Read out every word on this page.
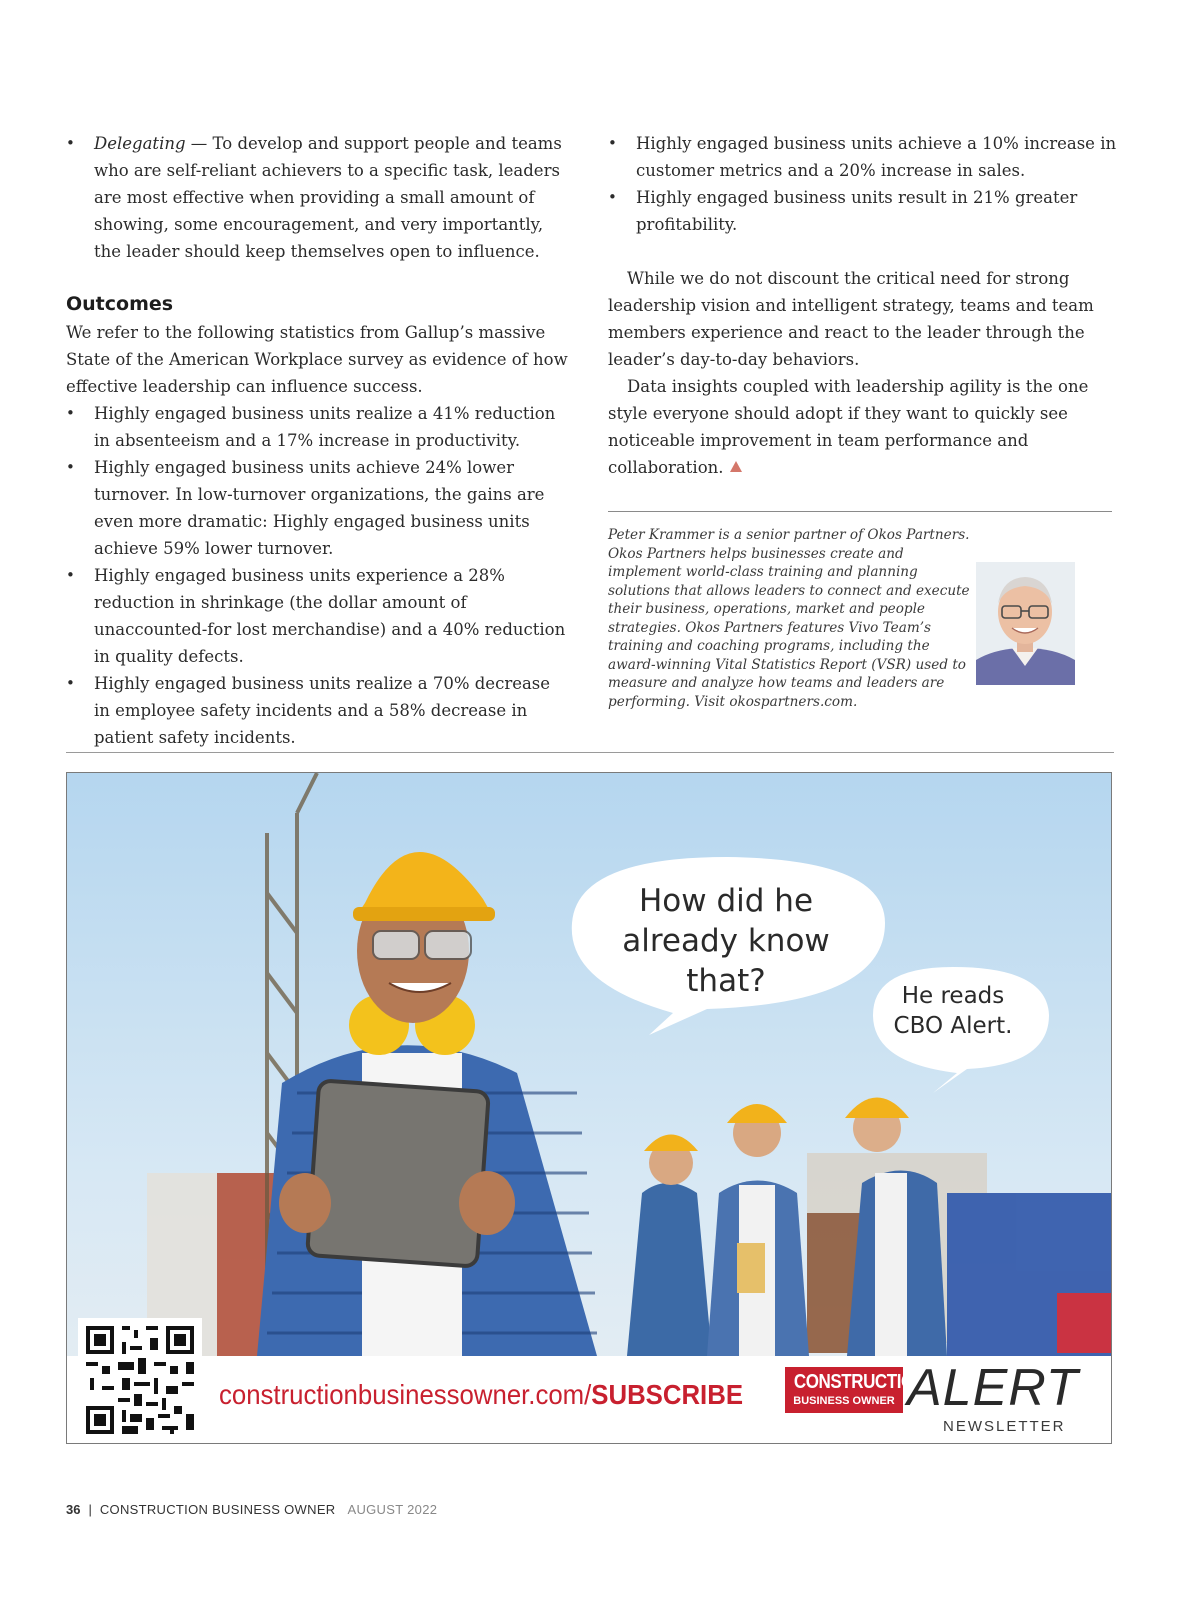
• Delegating — To develop and support people and teams who are self-reliant achievers to a specific task, leaders are most effective when providing a small amount of showing, some encouragement, and very importantly, the leader should keep themselves open to influence.
Outcomes

We refer to the following statistics from Gallup’s massive State of the American Workplace survey as evidence of how effective leadership can influence success.

• Highly engaged business units realize a 41% reduction in absenteeism and a 17% increase in productivity.
• Highly engaged business units achieve 24% lower turnover. In low-turnover organizations, the gains are even more dramatic: Highly engaged business units achieve 59% lower turnover.
• Highly engaged business units experience a 28% reduction in shrinkage (the dollar amount of unaccounted-for lost merchandise) and a 40% reduction in quality defects.
• Highly engaged business units realize a 70% decrease in employee safety incidents and a 58% decrease in patient safety incidents.
• Highly engaged business units achieve a 10% increase in customer metrics and a 20% increase in sales.
• Highly engaged business units result in 21% greater profitability.

While we do not discount the critical need for strong leadership vision and intelligent strategy, teams and team members experience and react to the leader through the leader’s day-to-day behaviors.

Data insights coupled with leadership agility is the one style everyone should adopt if they want to quickly see noticeable improvement in team performance and collaboration.

Peter Krammer is a senior partner of Okos Partners. Okos Partners helps businesses create and implement world-class training and planning solutions that allows leaders to connect and execute their business, operations, market and people strategies. Okos Partners features Vivo Team’s training and coaching programs, including the award-winning Vital Statistics Report (VSR) used to measure and analyze how teams and leaders are performing. Visit okospartners.com.
How did he already know that?	He reads CBO Alert.
constructionbusinessowner.com/SUBSCRIBE	CONSTRUCTION
BUSINESS OWNER ALERT
NEWSLETTER
36 | CONSTRUCTION BUSINESS OWNER AUGUST 2022
